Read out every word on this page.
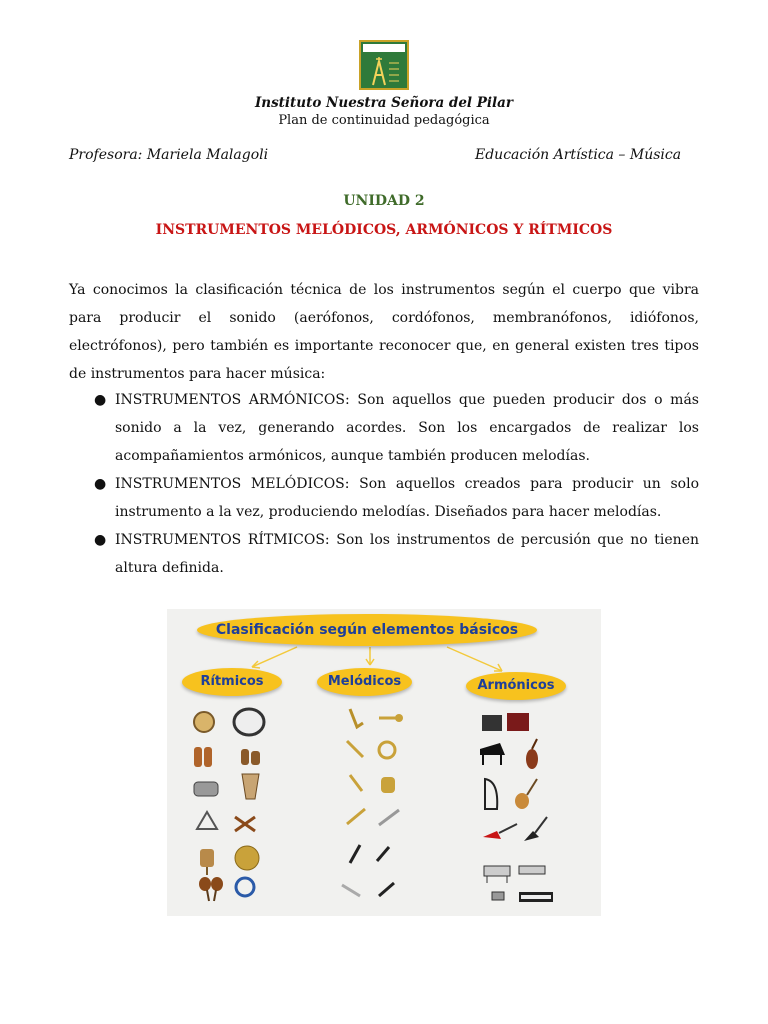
Instituto Nuestra Señora del Pilar
Plan de continuidad pedagógica
Profesora: Mariela Malagoli	Educación Artística – Música
UNIDAD 2
INSTRUMENTOS MELÓDICOS, ARMÓNICOS Y RÍTMICOS

Ya conocimos la clasificación técnica de los instrumentos según el cuerpo que vibra para producir el sonido (aerófonos, cordófonos, membranófonos, idiófonos, electrófonos), pero también es importante reconocer que, en general existen tres tipos de instrumentos para hacer música:

● INSTRUMENTOS ARMÓNICOS: Son aquellos que pueden producir dos o más sonido a la vez, generando acordes. Son los encargados de realizar los acompañamientos armónicos, aunque también producen melodías.
● INSTRUMENTOS MELÓDICOS: Son aquellos creados para producir un solo instrumento a la vez, produciendo melodías. Diseñados para hacer melodías.
● INSTRUMENTOS RÍTMICOS: Son los instrumentos de percusión que no tienen altura definida.
Clasificación según elementos básicos
Rítmicos	Melódicos	Armónicos
